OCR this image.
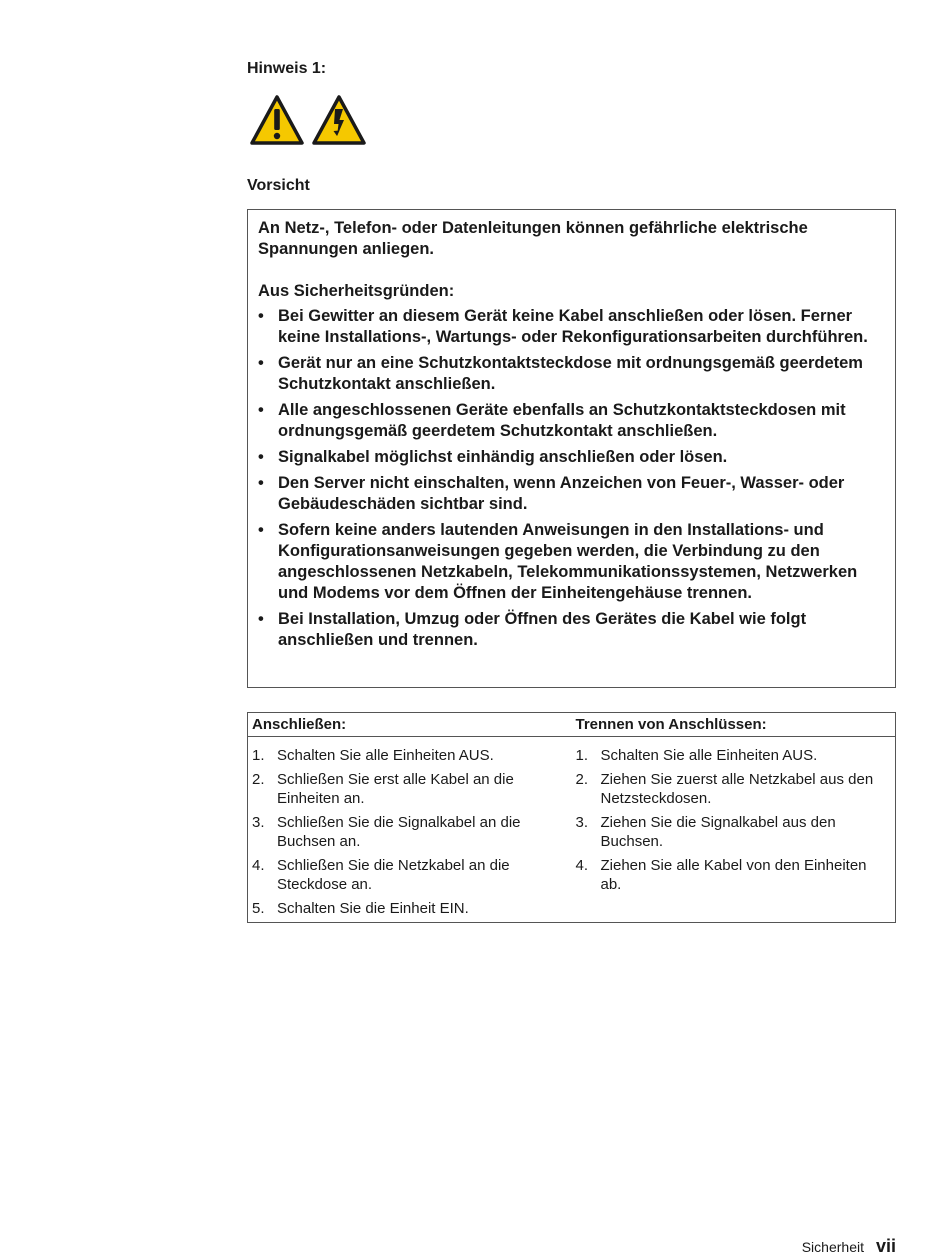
Hinweis 1:
Vorsicht

An Netz-, Telefon- oder Datenleitungen können gefährliche elektrische Spannungen anliegen.

Aus Sicherheitsgründen:

• Bei Gewitter an diesem Gerät keine Kabel anschließen oder lösen. Ferner keine Installations-, Wartungs- oder Rekonfigurationsarbeiten durchführen.
• Gerät nur an eine Schutzkontaktsteckdose mit ordnungsgemäß geerdetem Schutzkontakt anschließen.
• Alle angeschlossenen Geräte ebenfalls an Schutzkontaktsteckdosen mit ordnungsgemäß geerdetem Schutzkontakt anschließen.
• Signalkabel möglichst einhändig anschließen oder lösen.
• Den Server nicht einschalten, wenn Anzeichen von Feuer-, Wasser- oder Gebäudeschäden sichtbar sind.
• Sofern keine anders lautenden Anweisungen in den Installations- und Konfigurationsanweisungen gegeben werden, die Verbindung zu den angeschlossenen Netzkabeln, Telekommunikationssystemen, Netzwerken und Modems vor dem Öffnen der Einheitengehäuse trennen.
• Bei Installation, Umzug oder Öffnen des Gerätes die Kabel wie folgt anschließen und trennen.
Anschließen:	Trennen von Anschlüssen:
1. Schalten Sie alle Einheiten AUS.
2. Schließen Sie erst alle Kabel an die Einheiten an.
3. Schließen Sie die Signalkabel an die Buchsen an.
4. Schließen Sie die Netzkabel an die Steckdose an.
5. Schalten Sie die Einheit EIN.
1. Schalten Sie alle Einheiten AUS.
2. Ziehen Sie zuerst alle Netzkabel aus den Netzsteckdosen.
3. Ziehen Sie die Signalkabel aus den Buchsen.
4. Ziehen Sie alle Kabel von den Einheiten ab.
Sicherheit vii
